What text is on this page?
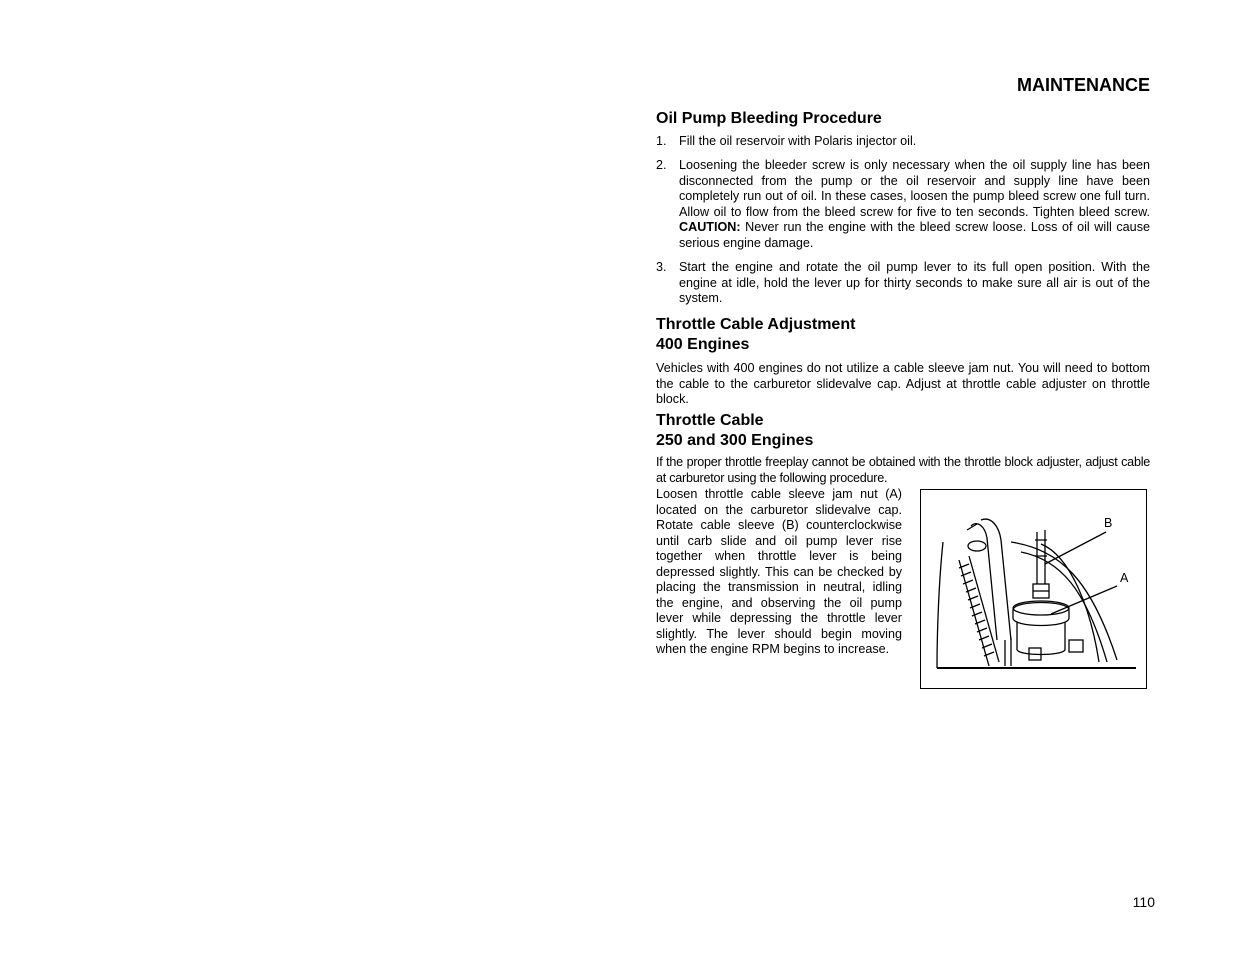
MAINTENANCE
Oil Pump Bleeding Procedure
1. Fill the oil reservoir with Polaris injector oil.
2. Loosening the bleeder screw is only necessary when the oil supply line has been disconnected from the pump or the oil reservoir and supply line have been completely run out of oil. In these cases, loosen the pump bleed screw one full turn. Allow oil to flow from the bleed screw for five to ten seconds. Tighten bleed screw. CAUTION: Never run the engine with the bleed screw loose. Loss of oil will cause serious engine damage.
3. Start the engine and rotate the oil pump lever to its full open position. With the engine at idle, hold the lever up for thirty seconds to make sure all air is out of the system.
Throttle Cable Adjustment
400 Engines
Vehicles with 400 engines do not utilize a cable sleeve jam nut. You will need to bottom the cable to the carburetor slidevalve cap. Adjust at throttle cable adjuster on throttle block.
Throttle Cable
250 and 300 Engines
If the proper throttle freeplay cannot be obtained with the throttle block adjuster, adjust cable at carburetor using the following procedure.
Loosen throttle cable sleeve jam nut (A) located on the carburetor slidevalve cap. Rotate cable sleeve (B) counterclockwise until carb slide and oil pump lever rise together when throttle lever is being depressed slightly. This can be checked by placing the transmission in neutral, idling the engine, and observing the oil pump lever while depressing the throttle lever slightly. The lever should begin moving when the engine RPM begins to increase.
B
A
110
